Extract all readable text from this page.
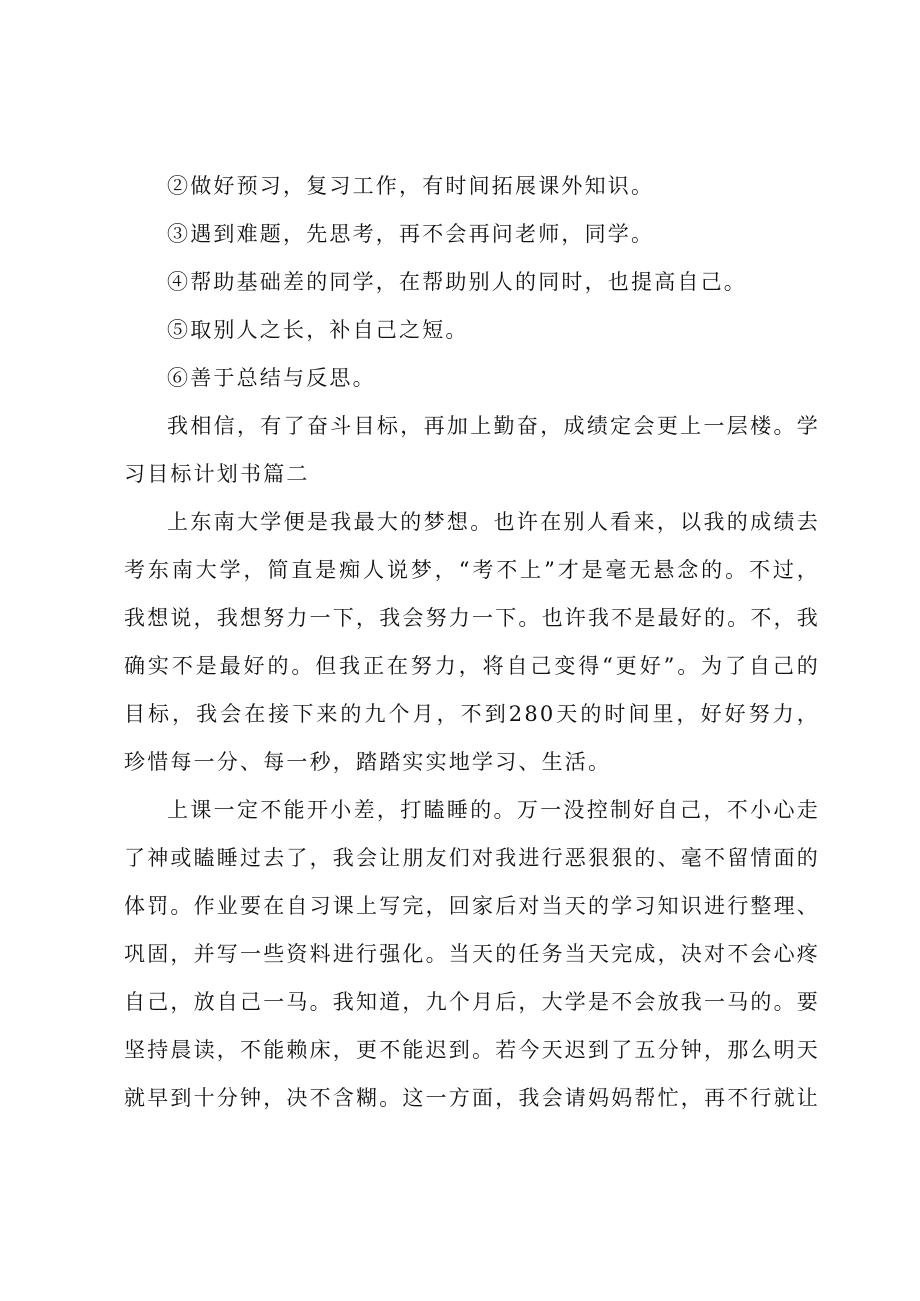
②做好预习，复习工作，有时间拓展课外知识。

③遇到难题，先思考，再不会再问老师，同学。

④帮助基础差的同学，在帮助别人的同时，也提高自己。

⑤取别人之长，补自己之短。

⑥善于总结与反思。

我相信，有了奋斗目标，再加上勤奋，成绩定会更上一层楼。学习目标计划书篇二

上东南大学便是我最大的梦想。也许在别人看来，以我的成绩去考东南大学，简直是痴人说梦，“考不上”才是毫无悬念的。不过，我想说，我想努力一下，我会努力一下。也许我不是最好的。不，我确实不是最好的。但我正在努力，将自己变得“更好”。为了自己的目标，我会在接下来的九个月，不到280天的时间里，好好努力，珍惜每一分、每一秒，踏踏实实地学习、生活。

上课一定不能开小差，打瞌睡的。万一没控制好自己，不小心走了神或瞌睡过去了，我会让朋友们对我进行恶狠狠的、毫不留情面的体罚。作业要在自习课上写完，回家后对当天的学习知识进行整理、巩固，并写一些资料进行强化。当天的任务当天完成，决对不会心疼自己，放自己一马。我知道，九个月后，大学是不会放我一马的。要坚持晨读，不能赖床，更不能迟到。若今天迟到了五分钟，那么明天就早到十分钟，决不含糊。这一方面，我会请妈妈帮忙，再不行就让
